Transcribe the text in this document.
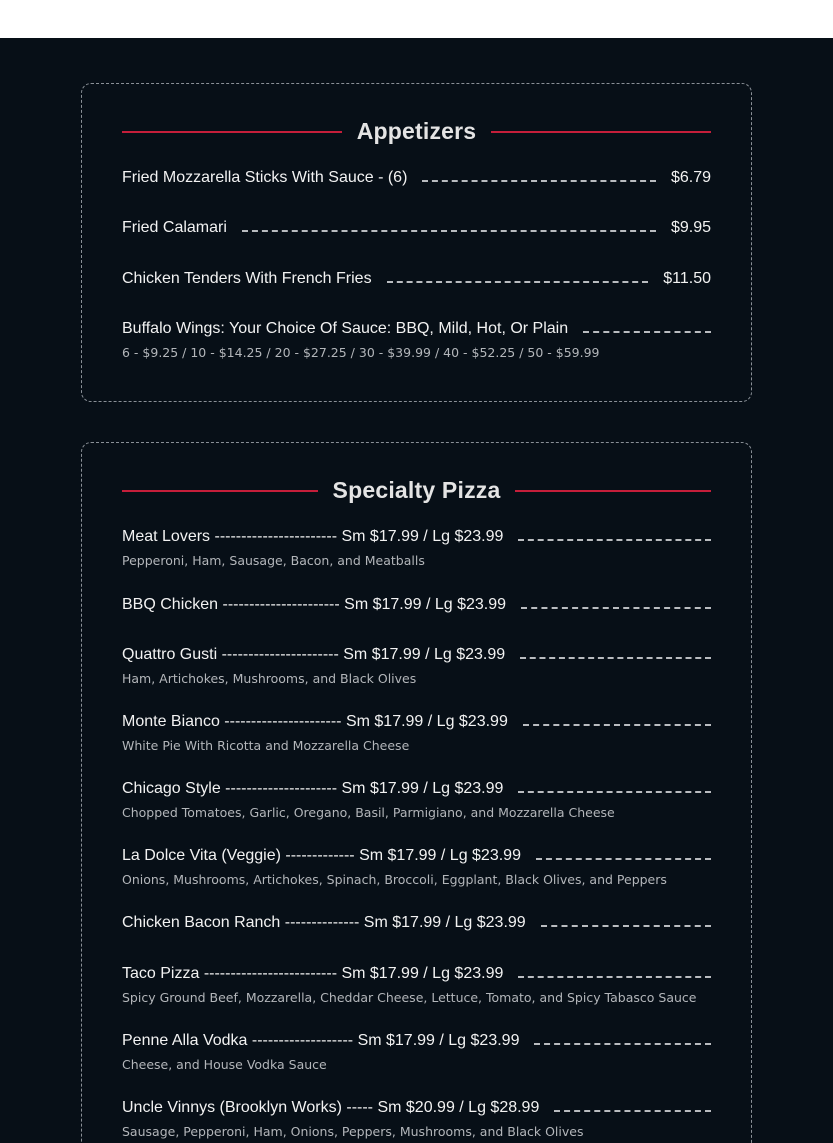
Appetizers
Fried Mozzarella Sticks With Sauce - (6)	$6.79
Fried Calamari	$9.95
Chicken Tenders With French Fries	$11.50
Buffalo Wings: Your Choice Of Sauce: BBQ, Mild, Hot, Or Plain
6 - $9.25 / 10 - $14.25 / 20 - $27.25 / 30 - $39.99 / 40 - $52.25 / 50 - $59.99
Specialty Pizza
Meat Lovers ----------------------- Sm $17.99 / Lg $23.99
Pepperoni, Ham, Sausage, Bacon, and Meatballs
BBQ Chicken ---------------------- Sm $17.99 / Lg $23.99
Quattro Gusti ---------------------- Sm $17.99 / Lg $23.99
Ham, Artichokes, Mushrooms, and Black Olives
Monte Bianco ---------------------- Sm $17.99 / Lg $23.99
White Pie With Ricotta and Mozzarella Cheese
Chicago Style --------------------- Sm $17.99 / Lg $23.99
Chopped Tomatoes, Garlic, Oregano, Basil, Parmigiano, and Mozzarella Cheese
La Dolce Vita (Veggie) ------------- Sm $17.99 / Lg $23.99
Onions, Mushrooms, Artichokes, Spinach, Broccoli, Eggplant, Black Olives, and Peppers
Chicken Bacon Ranch -------------- Sm $17.99 / Lg $23.99
Taco Pizza ------------------------- Sm $17.99 / Lg $23.99
Spicy Ground Beef, Mozzarella, Cheddar Cheese, Lettuce, Tomato, and Spicy Tabasco Sauce
Penne Alla Vodka ------------------- Sm $17.99 / Lg $23.99
Cheese, and House Vodka Sauce
Uncle Vinnys (Brooklyn Works) ----- Sm $20.99 / Lg $28.99
Sausage, Pepperoni, Ham, Onions, Peppers, Mushrooms, and Black Olives
